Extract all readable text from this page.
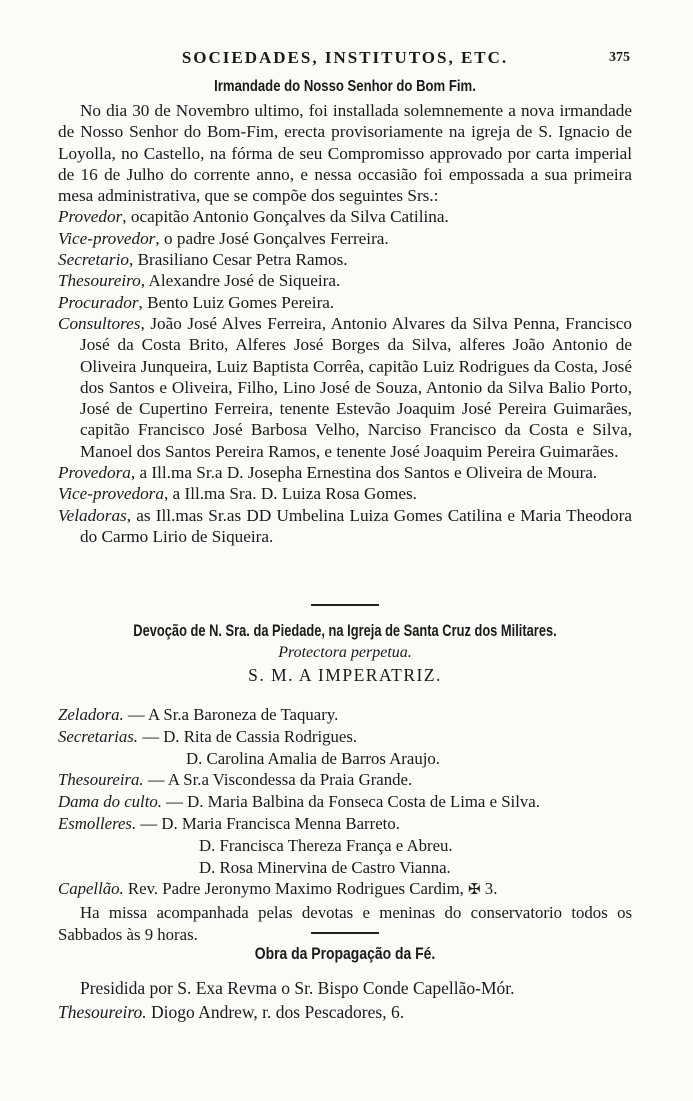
SOCIEDADES, INSTITUTOS, ETC.	375

Irmandade do Nosso Senhor do Bom Fim.

No dia 30 de Novembro ultimo, foi installada solemnemente a nova irmandade de Nosso Senhor do Bom-Fim, erecta provisoriamente na igreja de S. Ignacio de Loyolla, no Castello, na fórma de seu Compromisso approvado por carta imperial de 16 de Julho do corrente anno, e nessa occasião foi empossada a sua primeira mesa administrativa, que se compõe dos seguintes Srs.:

Provedor, ocapitão Antonio Gonçalves da Silva Catilina.

Vice-provedor, o padre José Gonçalves Ferreira.

Secretario, Brasiliano Cesar Petra Ramos.

Thesoureiro, Alexandre José de Siqueira.

Procurador, Bento Luiz Gomes Pereira.

Consultores, João José Alves Ferreira, Antonio Alvares da Silva Penna, Francisco José da Costa Brito, Alferes José Borges da Silva, alferes João Antonio de Oliveira Junqueira, Luiz Baptista Corrêa, capitão Luiz Rodrigues da Costa, José dos Santos e Oliveira, Filho, Lino José de Souza, Antonio da Silva Balio Porto, José de Cupertino Ferreira, tenente Estevão Joaquim José Pereira Guimarães, capitão Francisco José Barbosa Velho, Narciso Francisco da Costa e Silva, Manoel dos Santos Pereira Ramos, e tenente José Joaquim Pereira Guimarães.

Provedora, a Ill.ma Sr.a D. Josepha Ernestina dos Santos e Oliveira de Moura.

Vice-provedora, a Ill.ma Sra. D. Luiza Rosa Gomes.

Veladoras, as Ill.mas Sr.as DD Umbelina Luiza Gomes Catilina e Maria Theodora do Carmo Lirio de Siqueira.

Devoção de N. Sra. da Piedade, na Igreja de Santa Cruz dos Militares.

Protectora perpetua.

S. M. A IMPERATRIZ.

Zeladora. — A Sr.a Baroneza de Taquary.

Secretarias. — D. Rita de Cassia Rodrigues.

D. Carolina Amalia de Barros Araujo.

Thesoureira. — A Sr.a Viscondessa da Praia Grande.

Dama do culto. — D. Maria Balbina da Fonseca Costa de Lima e Silva.

Esmolleres. — D. Maria Francisca Menna Barreto.

D. Francisca Thereza França e Abreu.

D. Rosa Minervina de Castro Vianna.

Capellão. Rev. Padre Jeronymo Maximo Rodrigues Cardim, ✠ 3.

Ha missa acompanhada pelas devotas e meninas do conservatorio todos os Sabbados às 9 horas.

Obra da Propagação da Fé.

Presidida por S. Exa Revma o Sr. Bispo Conde Capellão-Mór.

Thesoureiro. Diogo Andrew, r. dos Pescadores, 6.
